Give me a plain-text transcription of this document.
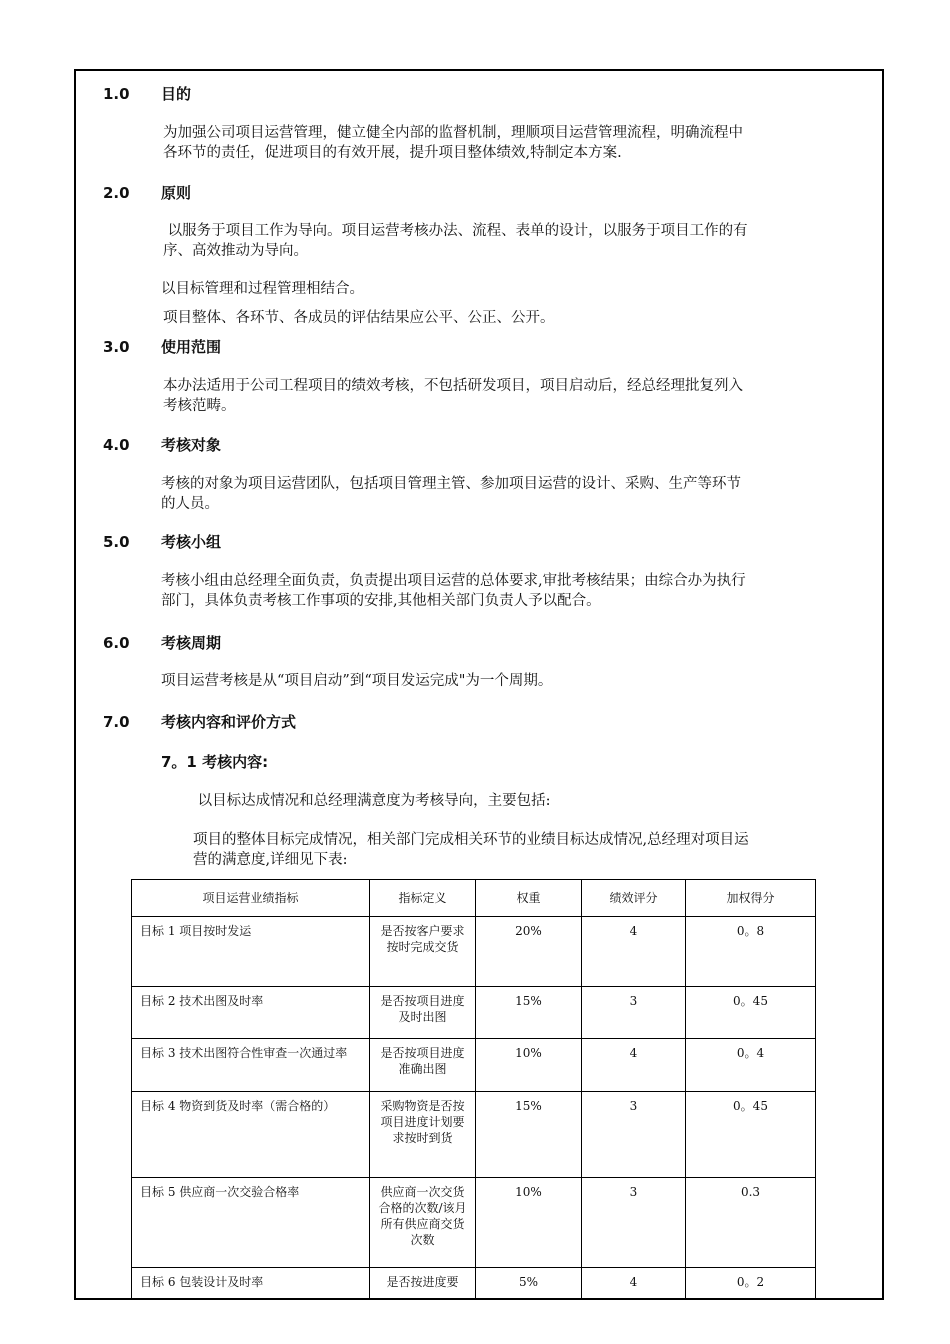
1.0 目的
为加强公司项目运营管理，健立健全内部的监督机制，理顺项目运营管理流程，明确流程中
各环节的责任，促进项目的有效开展，提升项目整体绩效,特制定本方案.
2.0 原则
以服务于项目工作为导向。项目运营考核办法、流程、表单的设计，以服务于项目工作的有
序、高效推动为导向。
以目标管理和过程管理相结合。
项目整体、各环节、各成员的评估结果应公平、公正、公开。
3.0 使用范围
本办法适用于公司工程项目的绩效考核，不包括研发项目，项目启动后，经总经理批复列入
考核范畴。
4.0 考核对象
考核的对象为项目运营团队，包括项目管理主管、参加项目运营的设计、采购、生产等环节
的人员。
5.0 考核小组
考核小组由总经理全面负责，负责提出项目运营的总体要求,审批考核结果；由综合办为执行
部门，具体负责考核工作事项的安排,其他相关部门负责人予以配合。
6.0 考核周期
项目运营考核是从“项目启动”到“项目发运完成"为一个周期。
7.0 考核内容和评价方式
7。1 考核内容:
以目标达成情况和总经理满意度为考核导向，主要包括:
项目的整体目标完成情况，相关部门完成相关环节的业绩目标达成情况,总经理对项目运
营的满意度,详细见下表:
项目运营业绩指标	指标定义	权重	绩效评分	加权得分
目标 1 项目按时发运	是否按客户要求按时完成交货	20%	4	0。8
目标 2 技术出图及时率	是否按项目进度及时出图	15%	3	0。45
目标 3 技术出图符合性审查一次通过率	是否按项目进度准确出图	10%	4	0。4
目标 4 物资到货及时率（需合格的）	采购物资是否按项目进度计划要求按时到货	15%	3	0。45
目标 5 供应商一次交验合格率	供应商一次交货合格的次数/该月所有供应商交货次数	10%	3	0.3
目标 6 包装设计及时率	是否按进度要	5%	4	0。2
